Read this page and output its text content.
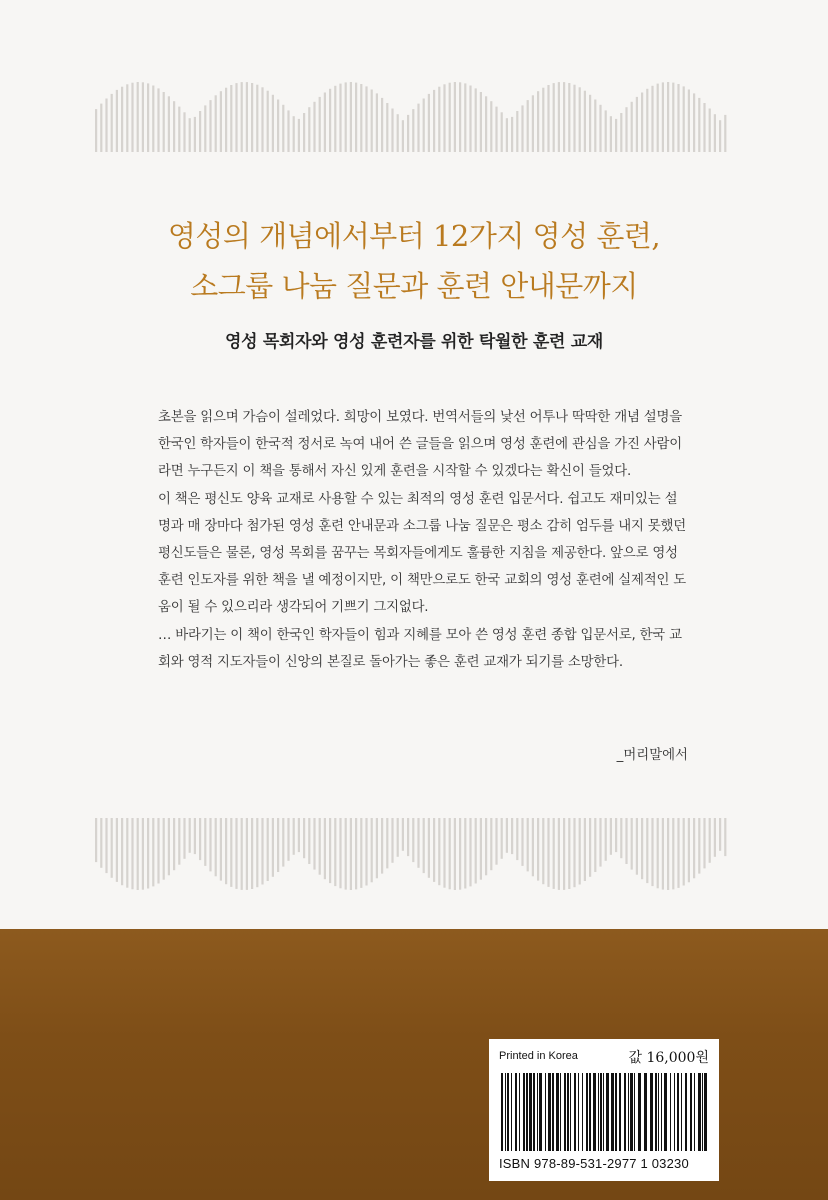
영성의 개념에서부터 12가지 영성 훈련,
소그룹 나눔 질문과 훈련 안내문까지
영성 목회자와 영성 훈련자를 위한 탁월한 훈련 교재

초본을 읽으며 가슴이 설레었다. 희망이 보였다. 번역서들의 낯선 어투나 딱딱한 개념 설명을 한국인 학자들이 한국적 정서로 녹여 내어 쓴 글들을 읽으며 영성 훈련에 관심을 가진 사람이라면 누구든지 이 책을 통해서 자신 있게 훈련을 시작할 수 있겠다는 확신이 들었다.

이 책은 평신도 양육 교재로 사용할 수 있는 최적의 영성 훈련 입문서다. 쉽고도 재미있는 설명과 매 장마다 첨가된 영성 훈련 안내문과 소그룹 나눔 질문은 평소 감히 엄두를 내지 못했던 평신도들은 물론, 영성 목회를 꿈꾸는 목회자들에게도 훌륭한 지침을 제공한다. 앞으로 영성 훈련 인도자를 위한 책을 낼 예정이지만, 이 책만으로도 한국 교회의 영성 훈련에 실제적인 도움이 될 수 있으리라 생각되어 기쁘기 그지없다.

… 바라기는 이 책이 한국인 학자들이 힘과 지혜를 모아 쓴 영성 훈련 종합 입문서로, 한국 교회와 영적 지도자들이 신앙의 본질로 돌아가는 좋은 훈련 교재가 되기를 소망한다.

_머리말에서
Printed in Korea	값 16,000원
ISBN 978-89-531-2977 1 03230
